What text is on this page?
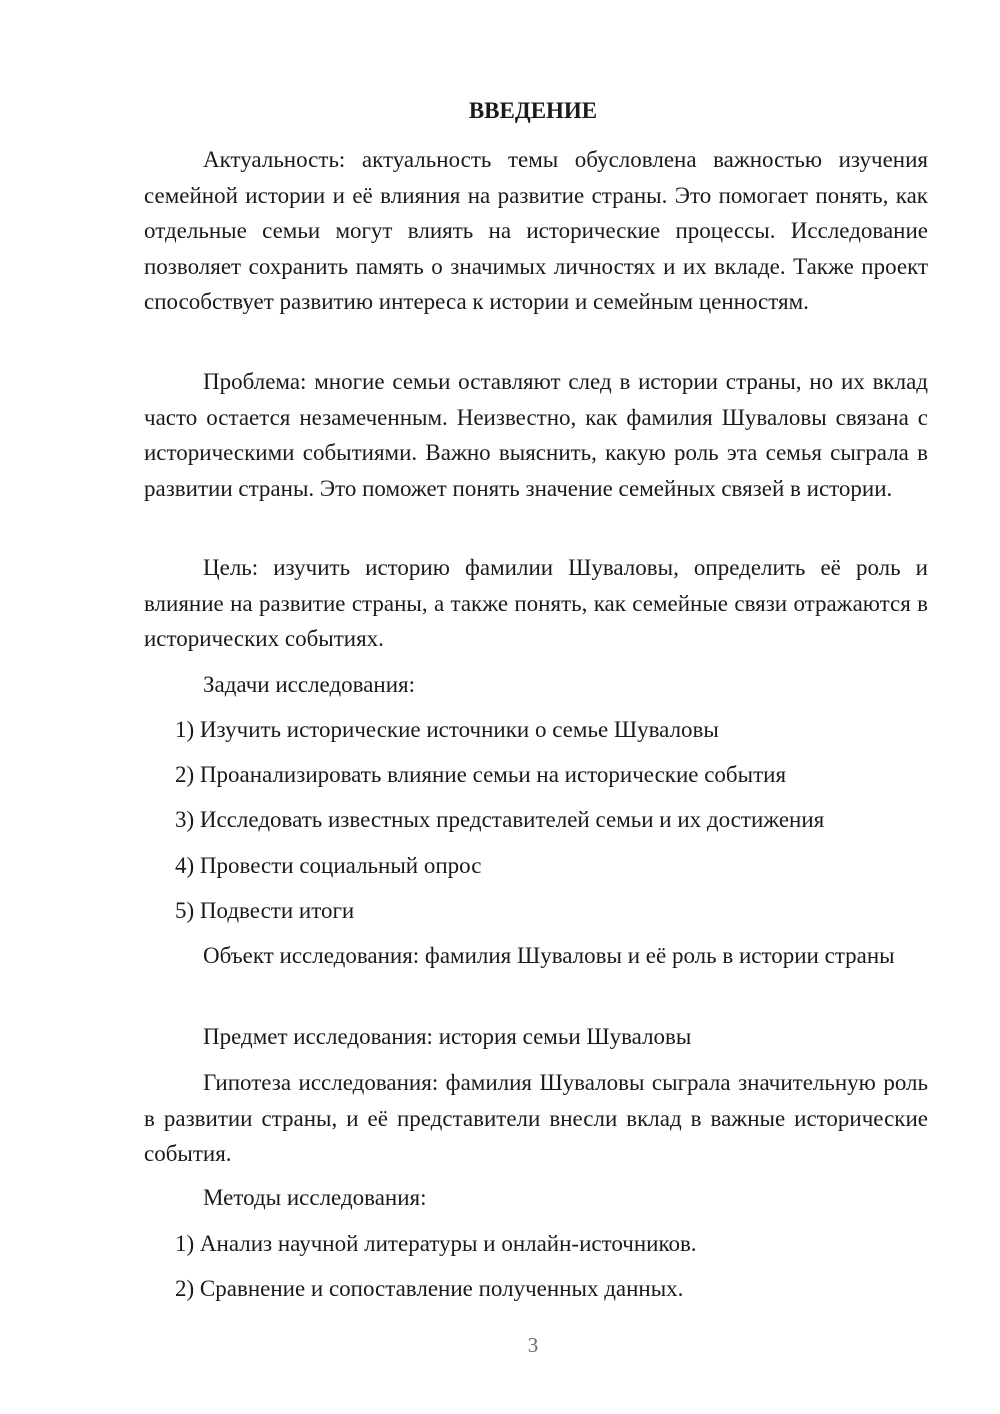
ВВЕДЕНИЕ

Актуальность: актуальность темы обусловлена важностью изучения семейной истории и её влияния на развитие страны. Это помогает понять, как отдельные семьи могут влиять на исторические процессы. Исследование позволяет сохранить память о значимых личностях и их вкладе. Также проект способствует развитию интереса к истории и семейным ценностям.

Проблема: многие семьи оставляют след в истории страны, но их вклад часто остается незамеченным. Неизвестно, как фамилия Шуваловы связана с историческими событиями. Важно выяснить, какую роль эта семья сыграла в развитии страны. Это поможет понять значение семейных связей в истории.

Цель: изучить историю фамилии Шуваловы, определить её роль и влияние на развитие страны, а также понять, как семейные связи отражаются в исторических событиях.

Задачи исследования:

1) Изучить исторические источники о семье Шуваловы

2) Проанализировать влияние семьи на исторические события

3) Исследовать известных представителей семьи и их достижения

4) Провести социальный опрос

5) Подвести итоги

Объект исследования: фамилия Шуваловы и её роль в истории страны

Предмет исследования: история семьи Шуваловы

Гипотеза исследования: фамилия Шуваловы сыграла значительную роль в развитии страны, и её представители внесли вклад в важные исторические события.

Методы исследования:

1) Анализ научной литературы и онлайн-источников.

2) Сравнение и сопоставление полученных данных.

3
